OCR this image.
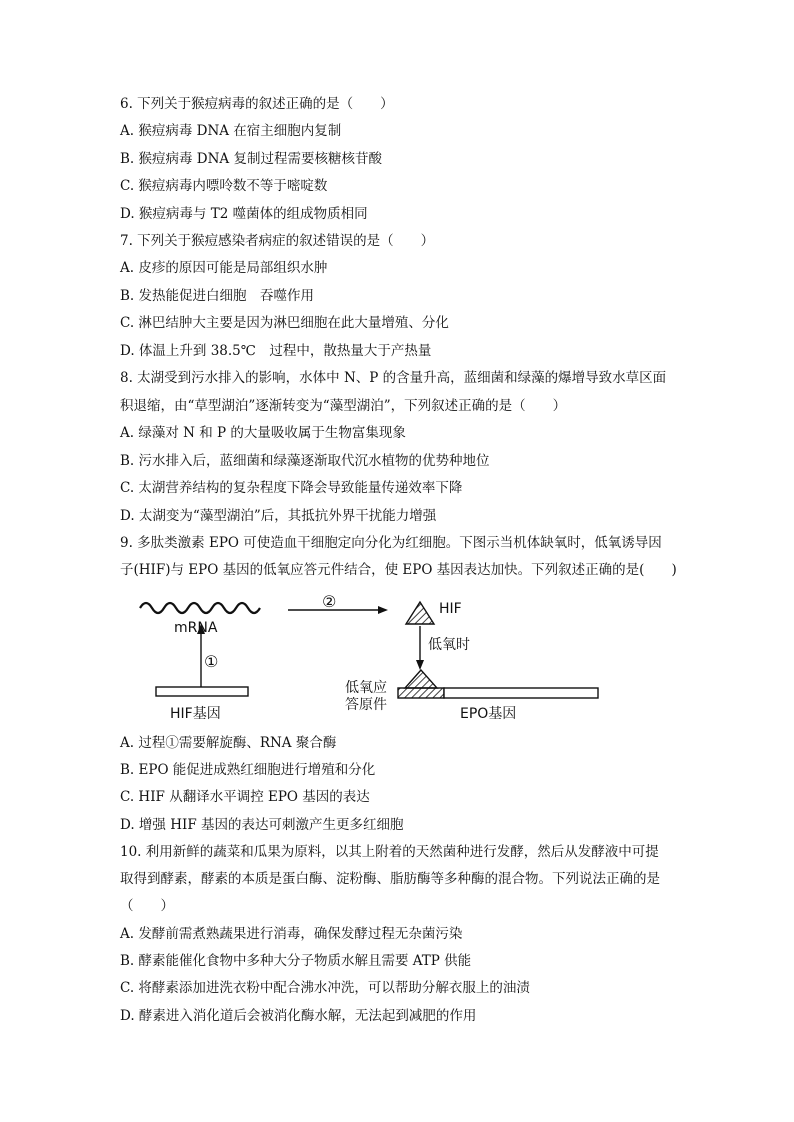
6. 下列关于猴痘病毒的叙述正确的是（　　）
A. 猴痘病毒 DNA 在宿主细胞内复制
B. 猴痘病毒 DNA 复制过程需要核糖核苷酸
C. 猴痘病毒内嘌呤数不等于嘧啶数
D. 猴痘病毒与 T2 噬菌体的组成物质相同
7. 下列关于猴痘感染者病症的叙述错误的是（　　）
A. 皮疹的原因可能是局部组织水肿
B. 发热能促进白细胞　吞噬作用
C. 淋巴结肿大主要是因为淋巴细胞在此大量增殖、分化
D. 体温上升到 38.5℃　过程中，散热量大于产热量
8. 太湖受到污水排入的影响，水体中 N、P 的含量升高，蓝细菌和绿藻的爆增导致水草区面
积退缩，由“草型湖泊”逐渐转变为“藻型湖泊”，下列叙述正确的是（　　）
A. 绿藻对 N 和 P 的大量吸收属于生物富集现象
B. 污水排入后，蓝细菌和绿藻逐渐取代沉水植物的优势种地位
C. 太湖营养结构的复杂程度下降会导致能量传递效率下降
D. 太湖变为“藻型湖泊”后，其抵抗外界干扰能力增强
9. 多肽类激素 EPO 可使造血干细胞定向分化为红细胞。下图示当机体缺氧时，低氧诱导因
子(HIF)与 EPO 基因的低氧应答元件结合，使 EPO 基因表达加快。下列叙述正确的是(　　)
mRNA
①
②	HIF
低氧时
HIF基因
低氧应
答原件
EPO基因
A. 过程①需要解旋酶、RNA 聚合酶
B. EPO 能促进成熟红细胞进行增殖和分化
C. HIF 从翻译水平调控 EPO 基因的表达
D. 增强 HIF 基因的表达可刺激产生更多红细胞
10. 利用新鲜的蔬菜和瓜果为原料，以其上附着的天然菌种进行发酵，然后从发酵液中可提
取得到酵素，酵素的本质是蛋白酶、淀粉酶、脂肪酶等多种酶的混合物。下列说法正确的是
（　　）
A. 发酵前需煮熟蔬果进行消毒，确保发酵过程无杂菌污染
B. 酵素能催化食物中多种大分子物质水解且需要 ATP 供能
C. 将酵素添加进洗衣粉中配合沸水冲洗，可以帮助分解衣服上的油渍
D. 酵素进入消化道后会被消化酶水解，无法起到减肥的作用
